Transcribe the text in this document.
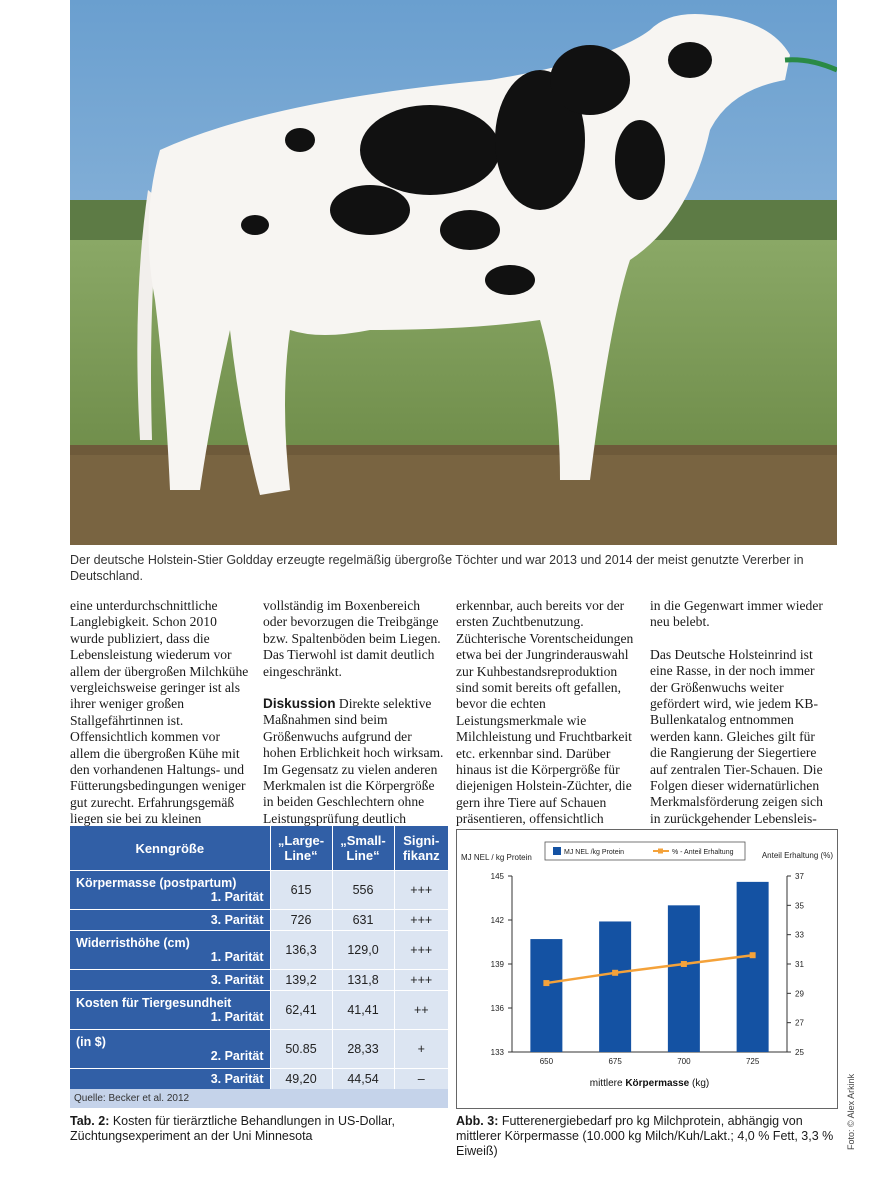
Der deutsche Holstein-Stier Goldday erzeugte regelmäßig übergroße Töchter und war 2013 und 2014 der meist genutzte Vererber in Deutschland.

eine unterdurchschnittliche Langlebigkeit. Schon 2010 wurde publiziert, dass die Lebensleistung wiederum vor allem der übergroßen Milchkühe vergleichsweise geringer ist als ihrer weniger großen Stallgefährtinnen ist. Offensichtlich kommen vor allem die übergroßen Kühe mit den vorhandenen Haltungs- und Fütterungsbedingungen weniger gut zurecht. Erfahrungsgemäß liegen sie bei zu kleinen

vollständig im Boxenbereich oder bevorzugen die Treibgänge bzw. Spaltenböden beim Liegen. Das Tierwohl ist damit deutlich eingeschränkt.

Diskussion Direkte selektive Maßnahmen sind beim Größenwuchs aufgrund der hohen Erblichkeit hoch wirksam. Im Gegensatz zu vielen anderen Merkmalen ist die Körpergröße in beiden Geschlechtern ohne Leistungsprüfung deutlich

erkennbar, auch bereits vor der ersten Zuchtbenutzung. Züchterische Vorentscheidungen etwa bei der Jungrinderauswahl zur Kuhbestandsreproduktion sind somit bereits oft gefallen, bevor die echten Leistungsmerkmale wie Milchleistung und Fruchtbarkeit etc. erkennbar sind. Darüber hinaus ist die Körpergröße für diejenigen Holstein-Züchter, die gern ihre Tiere auf Schauen präsentieren, offensichtlich

in die Gegenwart immer wieder neu belebt.

Das Deutsche Holsteinrind ist eine Rasse, in der noch immer der Größenwuchs weiter gefördert wird, wie jedem KB-Bullenkatalog entnommen werden kann. Gleiches gilt für die Rangierung der Siegertiere auf zentralen Tier-Schauen. Die Folgen dieser widernatürlichen Merkmalsförderung zeigen sich in zurückgehender Lebensleis-

Kenngröße	„Large-Line“	„Small-Line“	Signi-fikanz
Körpermasse (postpartum)
1. Parität	615	556	+++

3. Parität	726	631	+++
Widerristhöhe (cm)
1. Parität	136,3	129,0	+++

3. Parität	139,2	131,8	+++
Kosten für Tiergesundheit
1. Parität	62,41	41,41	++
(in $)
2. Parität	50.85	28,33	+

3. Parität	49,20	44,54	–
Quelle: Becker et al. 2012
Tab. 2: Kosten für tierärztliche Behandlungen in US-Dollar, Züchtungsexperiment an der Uni Minnesota
133
136
139
142
145
25
27
29
31
33
35
37
MJ NEL / kg Protein	Anteil Erhaltung (%)
650	675	700	725
mittlere Körpermasse (kg)
MJ NEL /kg Protein	% - Anteil Erhaltung
Abb. 3: Futterenergiebedarf pro kg Milchprotein, abhängig von mittlerer Körpermasse (10.000 kg Milch/Kuh/Lakt.; 4,0 % Fett, 3,3 % Eiweiß)
Foto: © Alex Arkink
